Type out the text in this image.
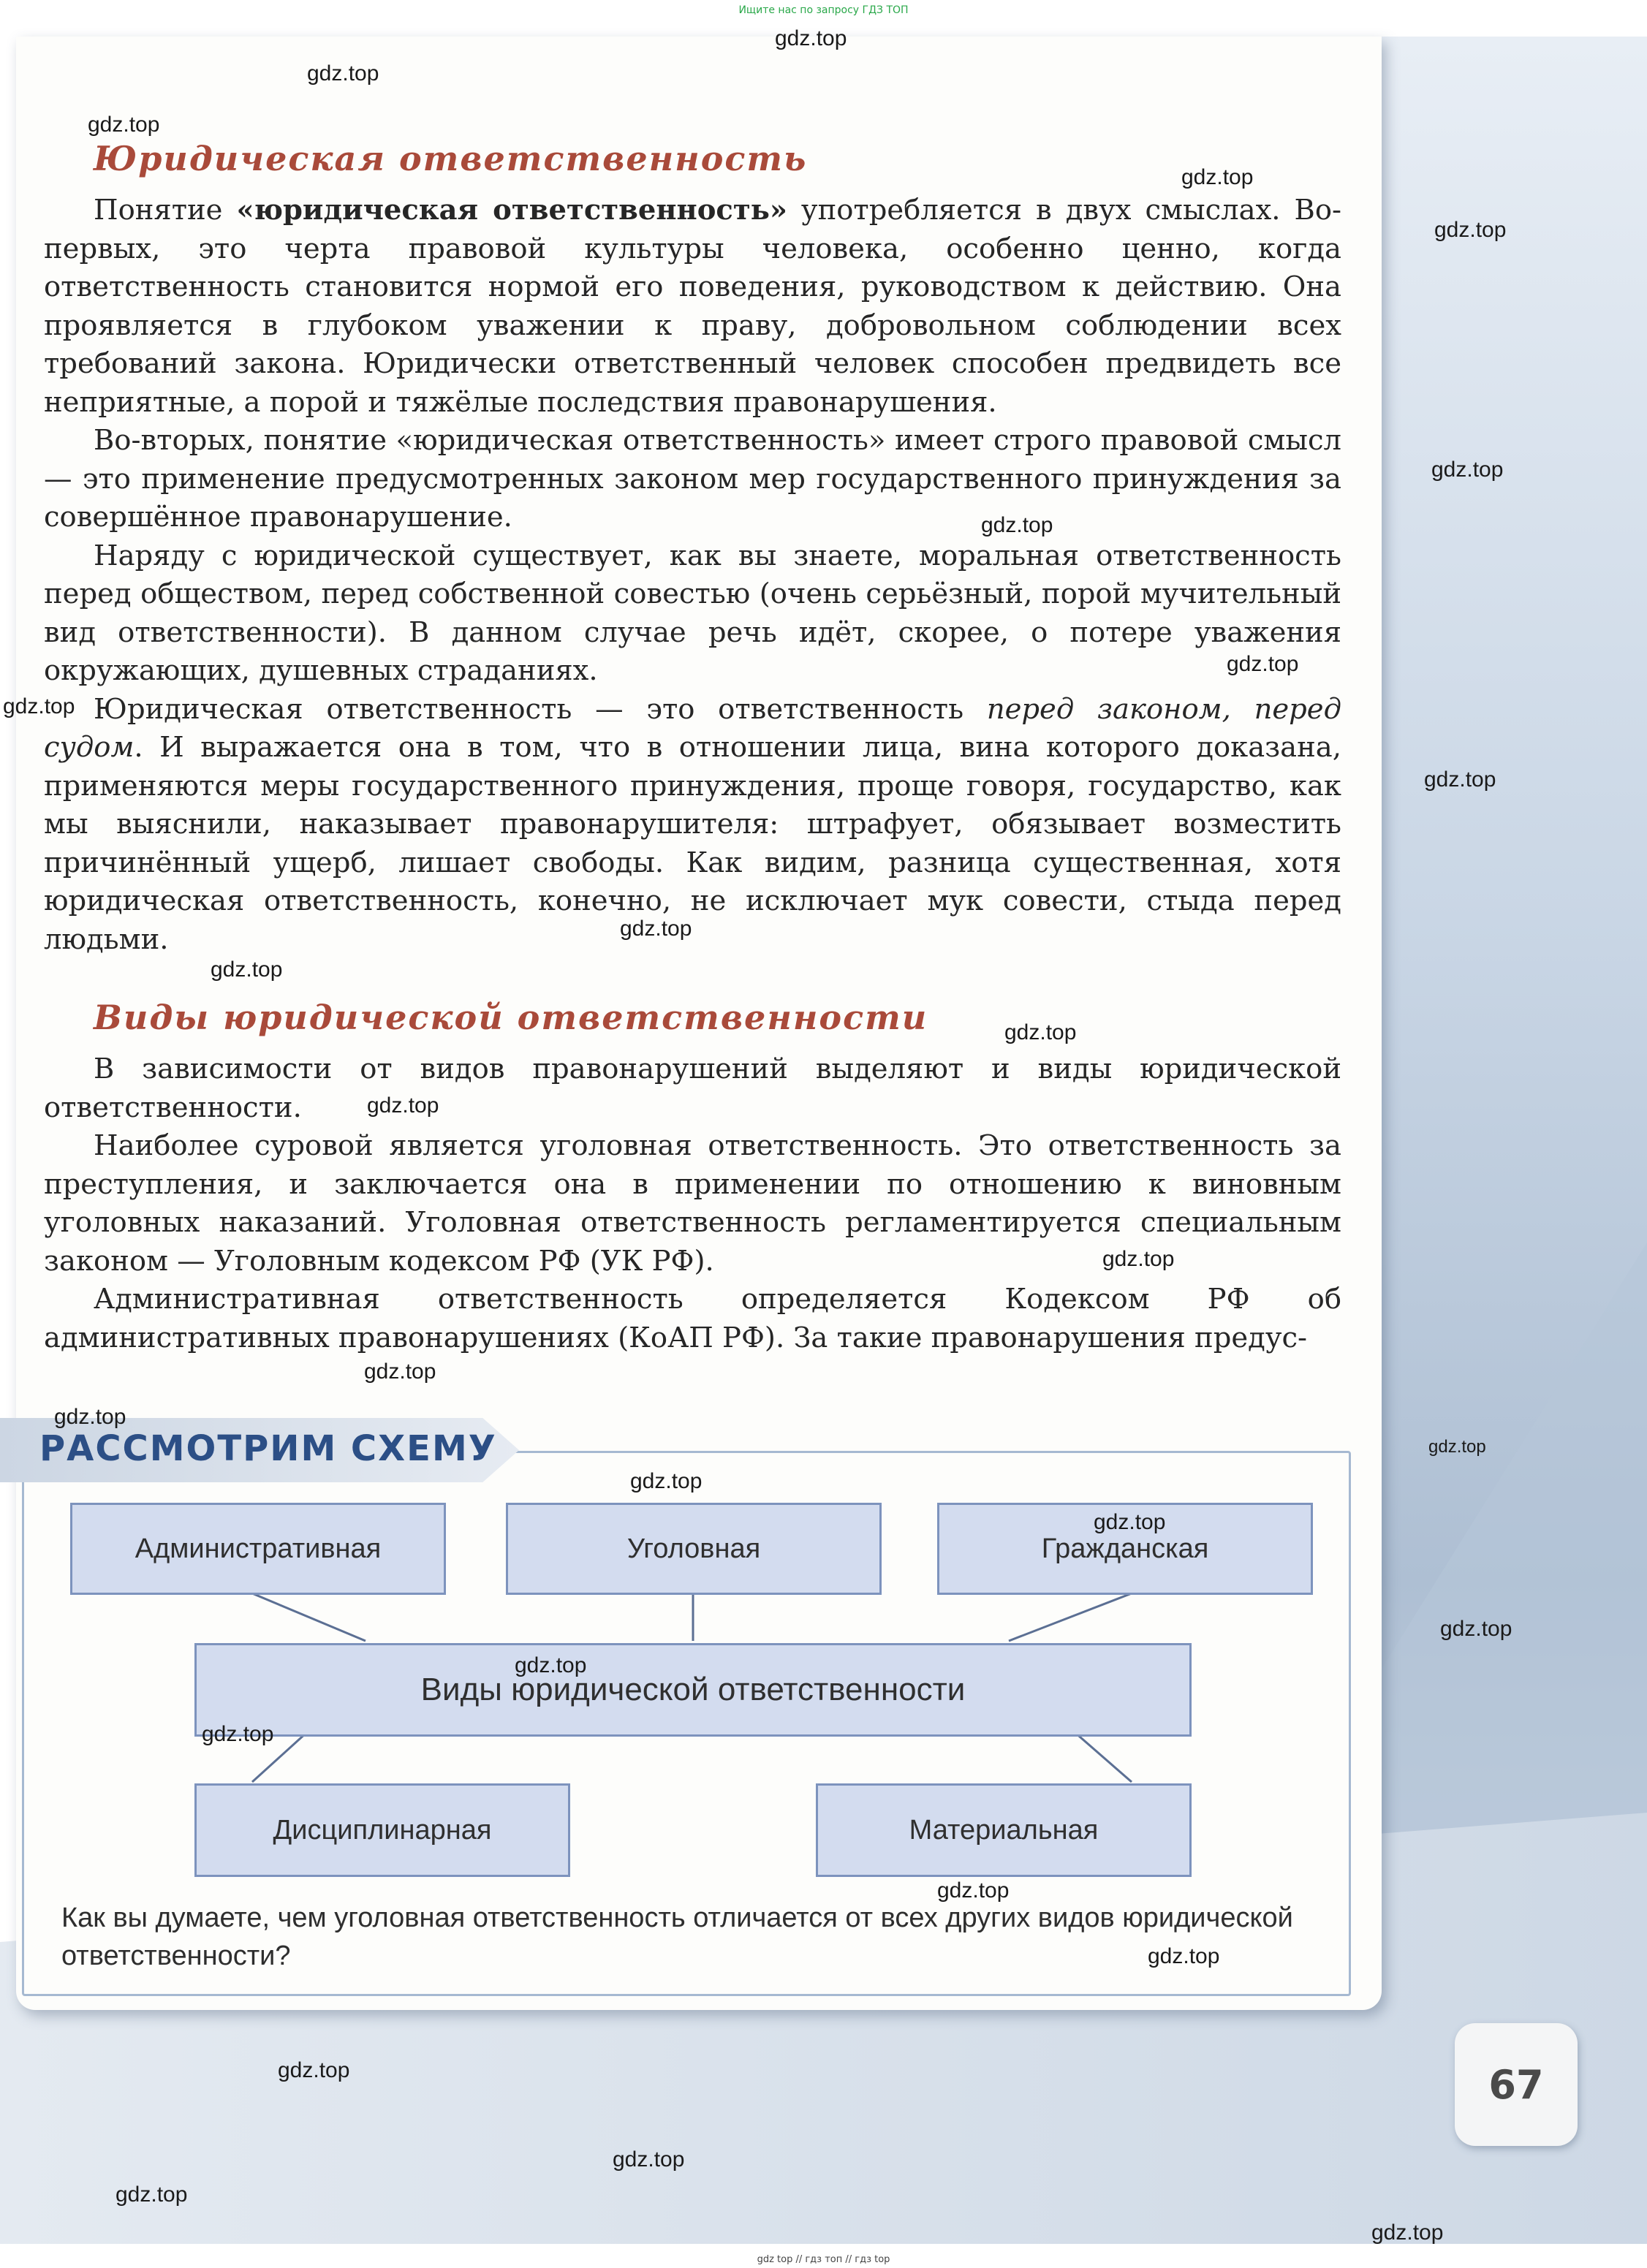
Ищите нас по запросу ГДЗ ТОП
Юридическая ответственность

Понятие «юридическая ответственность» употребляется в двух смыслах. Во-первых, это черта правовой культуры человека, особенно ценно, когда ответственность становится нормой его поведения, руководством к действию. Она проявляется в глубоком уважении к праву, добровольном соблюдении всех требований закона. Юридически ответственный человек способен предвидеть все неприятные, а порой и тяжёлые последствия правонарушения.

Во-вторых, понятие «юридическая ответственность» имеет строго правовой смысл — это применение предусмотренных законом мер государственного принуждения за совершённое правонарушение.

Наряду с юридической существует, как вы знаете, моральная ответственность перед обществом, перед собственной совестью (очень серьёзный, порой мучительный вид ответственности). В данном случае речь идёт, скорее, о потере уважения окружающих, душевных страданиях.

Юридическая ответственность — это ответственность перед законом, перед судом. И выражается она в том, что в отношении лица, вина которого доказана, применяются меры государственного принуждения, проще говоря, государство, как мы выяснили, наказывает правонарушителя: штрафует, обязывает возместить причинённый ущерб, лишает свободы. Как видим, разница существенная, хотя юридическая ответственность, конечно, не исключает мук совести, стыда перед людьми.

Виды юридической ответственности

В зависимости от видов правонарушений выделяют и виды юридической ответственности.

Наиболее суровой является уголовная ответственность. Это ответственность за преступления, и заключается она в применении по отношению к виновным уголовных наказаний. Уголовная ответственность регламентируется специальным законом — Уголовным кодексом РФ (УК РФ).

Административная ответственность определяется Кодексом РФ об административных правонарушениях (КоАП РФ). За такие правонарушения предус-

РАССМОТРИМ СХЕМУ
Административная	Уголовная	Гражданская
Виды юридической ответственности
Дисциплинарная	Материальная
Как вы думаете, чем уголовная ответственность отличается от всех других видов юридической ответственности?
67
gdz.top
gdz.top
gdz.top
gdz.top
gdz.top
gdz.top
gdz.top
gdz.top
gdz.top
gdz.top
gdz.top
gdz.top
gdz.top
gdz.top
gdz.top
gdz.top
gdz.top
gdz.top
gdz.top
gdz.top
gdz.top
gdz.top
gdz.top
gdz.top
gdz.top
gdz.top
gdz.top
gdz.top
gdz.top
gdz top // гдз топ // гдз top
